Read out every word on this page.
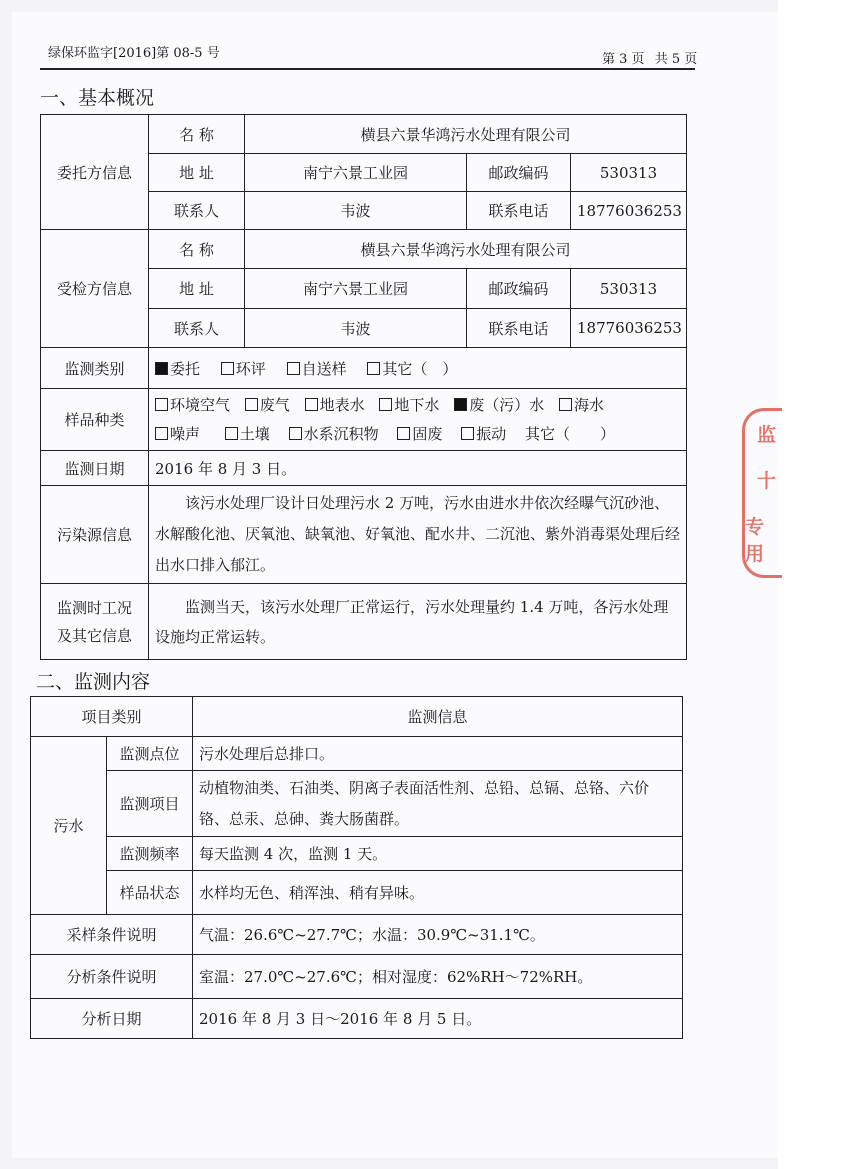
监
十
专用
绿保环监字[2016]第 08-5 号	第 3 页 共 5 页
一、基本概况
委托方信息	名 称	横县六景华鸿污水处理有限公司		
	地 址	南宁六景工业园	邮政编码	530313
	联系人	韦波	联系电话	18776036253
受检方信息	名 称	横县六景华鸿污水处理有限公司		
	地 址	南宁六景工业园	邮政编码	530313
	联系人	韦波	联系电话	18776036253
监测类别	委托 环评 自送样 其它（　）			
样品种类	环境空气 废气 地表水 地下水 废（污）水 海水
噪声 土壤 水系沉积物 固废 振动 其它（　　）			

监测日期	2016 年 8 月 3 日。			
污染源信息	该污水处理厂设计日处理污水 2 万吨，污水由进水井依次经曝气沉砂池、水解酸化池、厌氧池、缺氧池、好氧池、配水井、二沉池、紫外消毒渠处理后经出水口排入郁江。			

监测时工况
及其它信息	监测当天，该污水处理厂正常运行，污水处理量约 1.4 万吨，各污水处理设施均正常运转。			
二、监测内容
项目类别		监测信息
污水	监测点位	污水处理后总排口。
	监测项目	动植物油类、石油类、阴离子表面活性剂、总铅、总镉、总铬、六价铬、总汞、总砷、粪大肠菌群。
	监测频率	每天监测 4 次，监测 1 天。
	样品状态	水样均无色、稍浑浊、稍有异味。
采样条件说明		气温：26.6℃~27.7℃；水温：30.9℃~31.1℃。
分析条件说明		室温：27.0℃~27.6℃；相对湿度：62%RH～72%RH。
分析日期		2016 年 8 月 3 日～2016 年 8 月 5 日。
